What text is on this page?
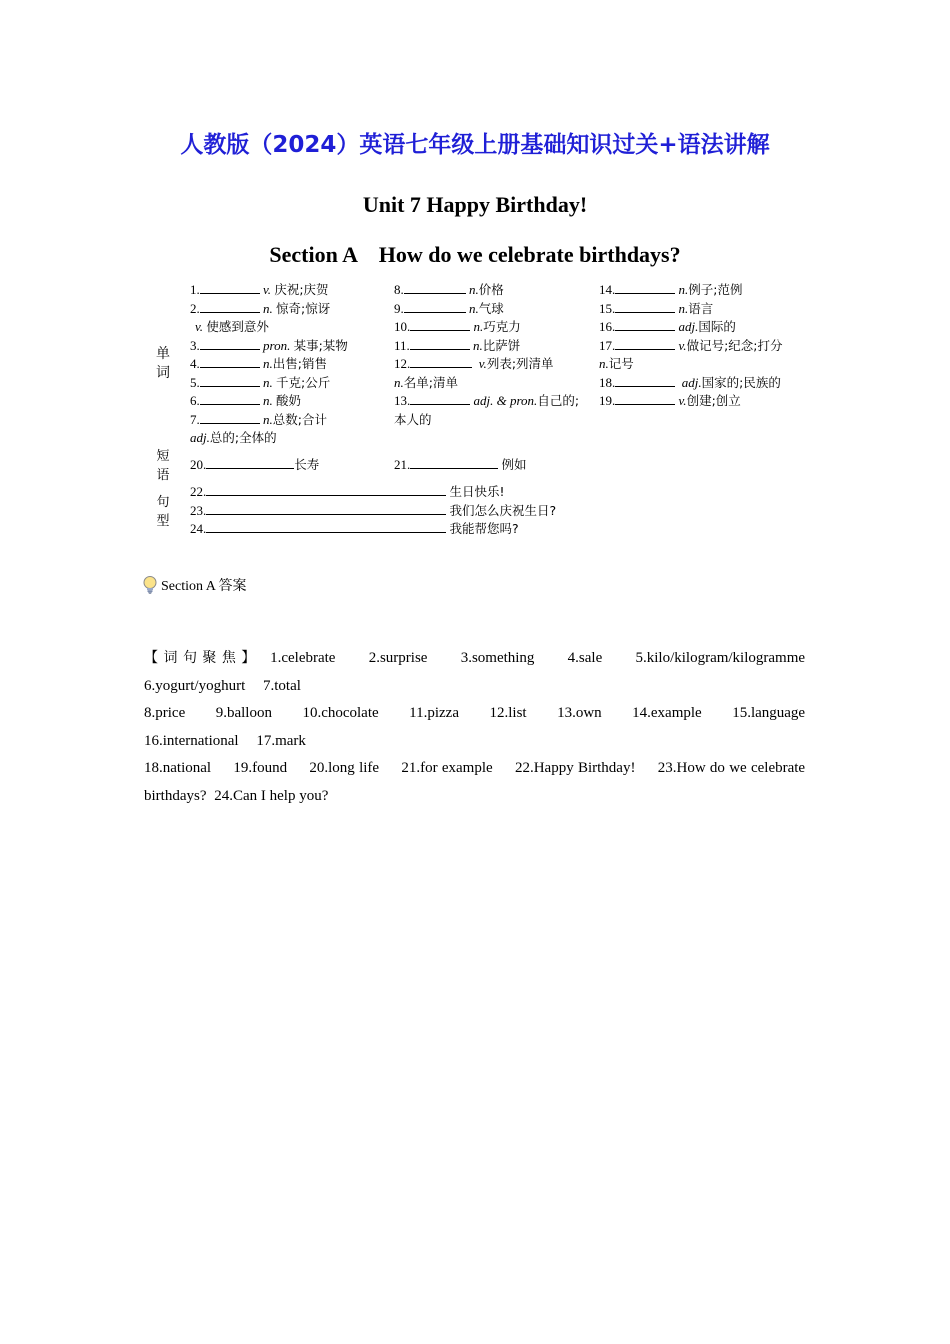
人教版（2024）英语七年级上册基础知识过关+语法讲解
Unit 7 Happy Birthday!
Section A    How do we celebrate birthdays?
单
词
短
语
句
型
1.	v. 庆祝;庆贺
2.	n. 惊奇;惊讶
v. 使感到意外
3.	pron. 某事;某物
4.	n.出售;销售
5.	n. 千克;公斤
6.	n. 酸奶
7.	n.总数;合计
adj.总的;全体的
8.	n.价格
9.	n.气球
10.	n.巧克力
11.	n.比萨饼
12.	v.列表;列清单
n.名单;清单
13.	adj. & pron.自己的;
本人的
14.	n.例子;范例
15.	n.语言
16.	adj.国际的
17.	v.做记号;纪念;打分
n.记号
18.	adj.国家的;民族的
19.	v.创建;创立
20.	长寿	21.	例如
22.	生日快乐!
23.	我们怎么庆祝生日?
24.	我能帮您吗?
Section A 答案
【词句聚焦】 1.celebrate 2.surprise 3.something 4.sale 5.kilo/kilogram/kilogramme
6.yogurt/yoghurt 7.total
8.price 9.balloon 10.chocolate 11.pizza 12.list 13.own 14.example 15.language
16.international 17.mark
18.national 19.found 20.long life 21.for example 22.Happy Birthday! 23.How do we celebrate birthdays? 24.Can I help you?
